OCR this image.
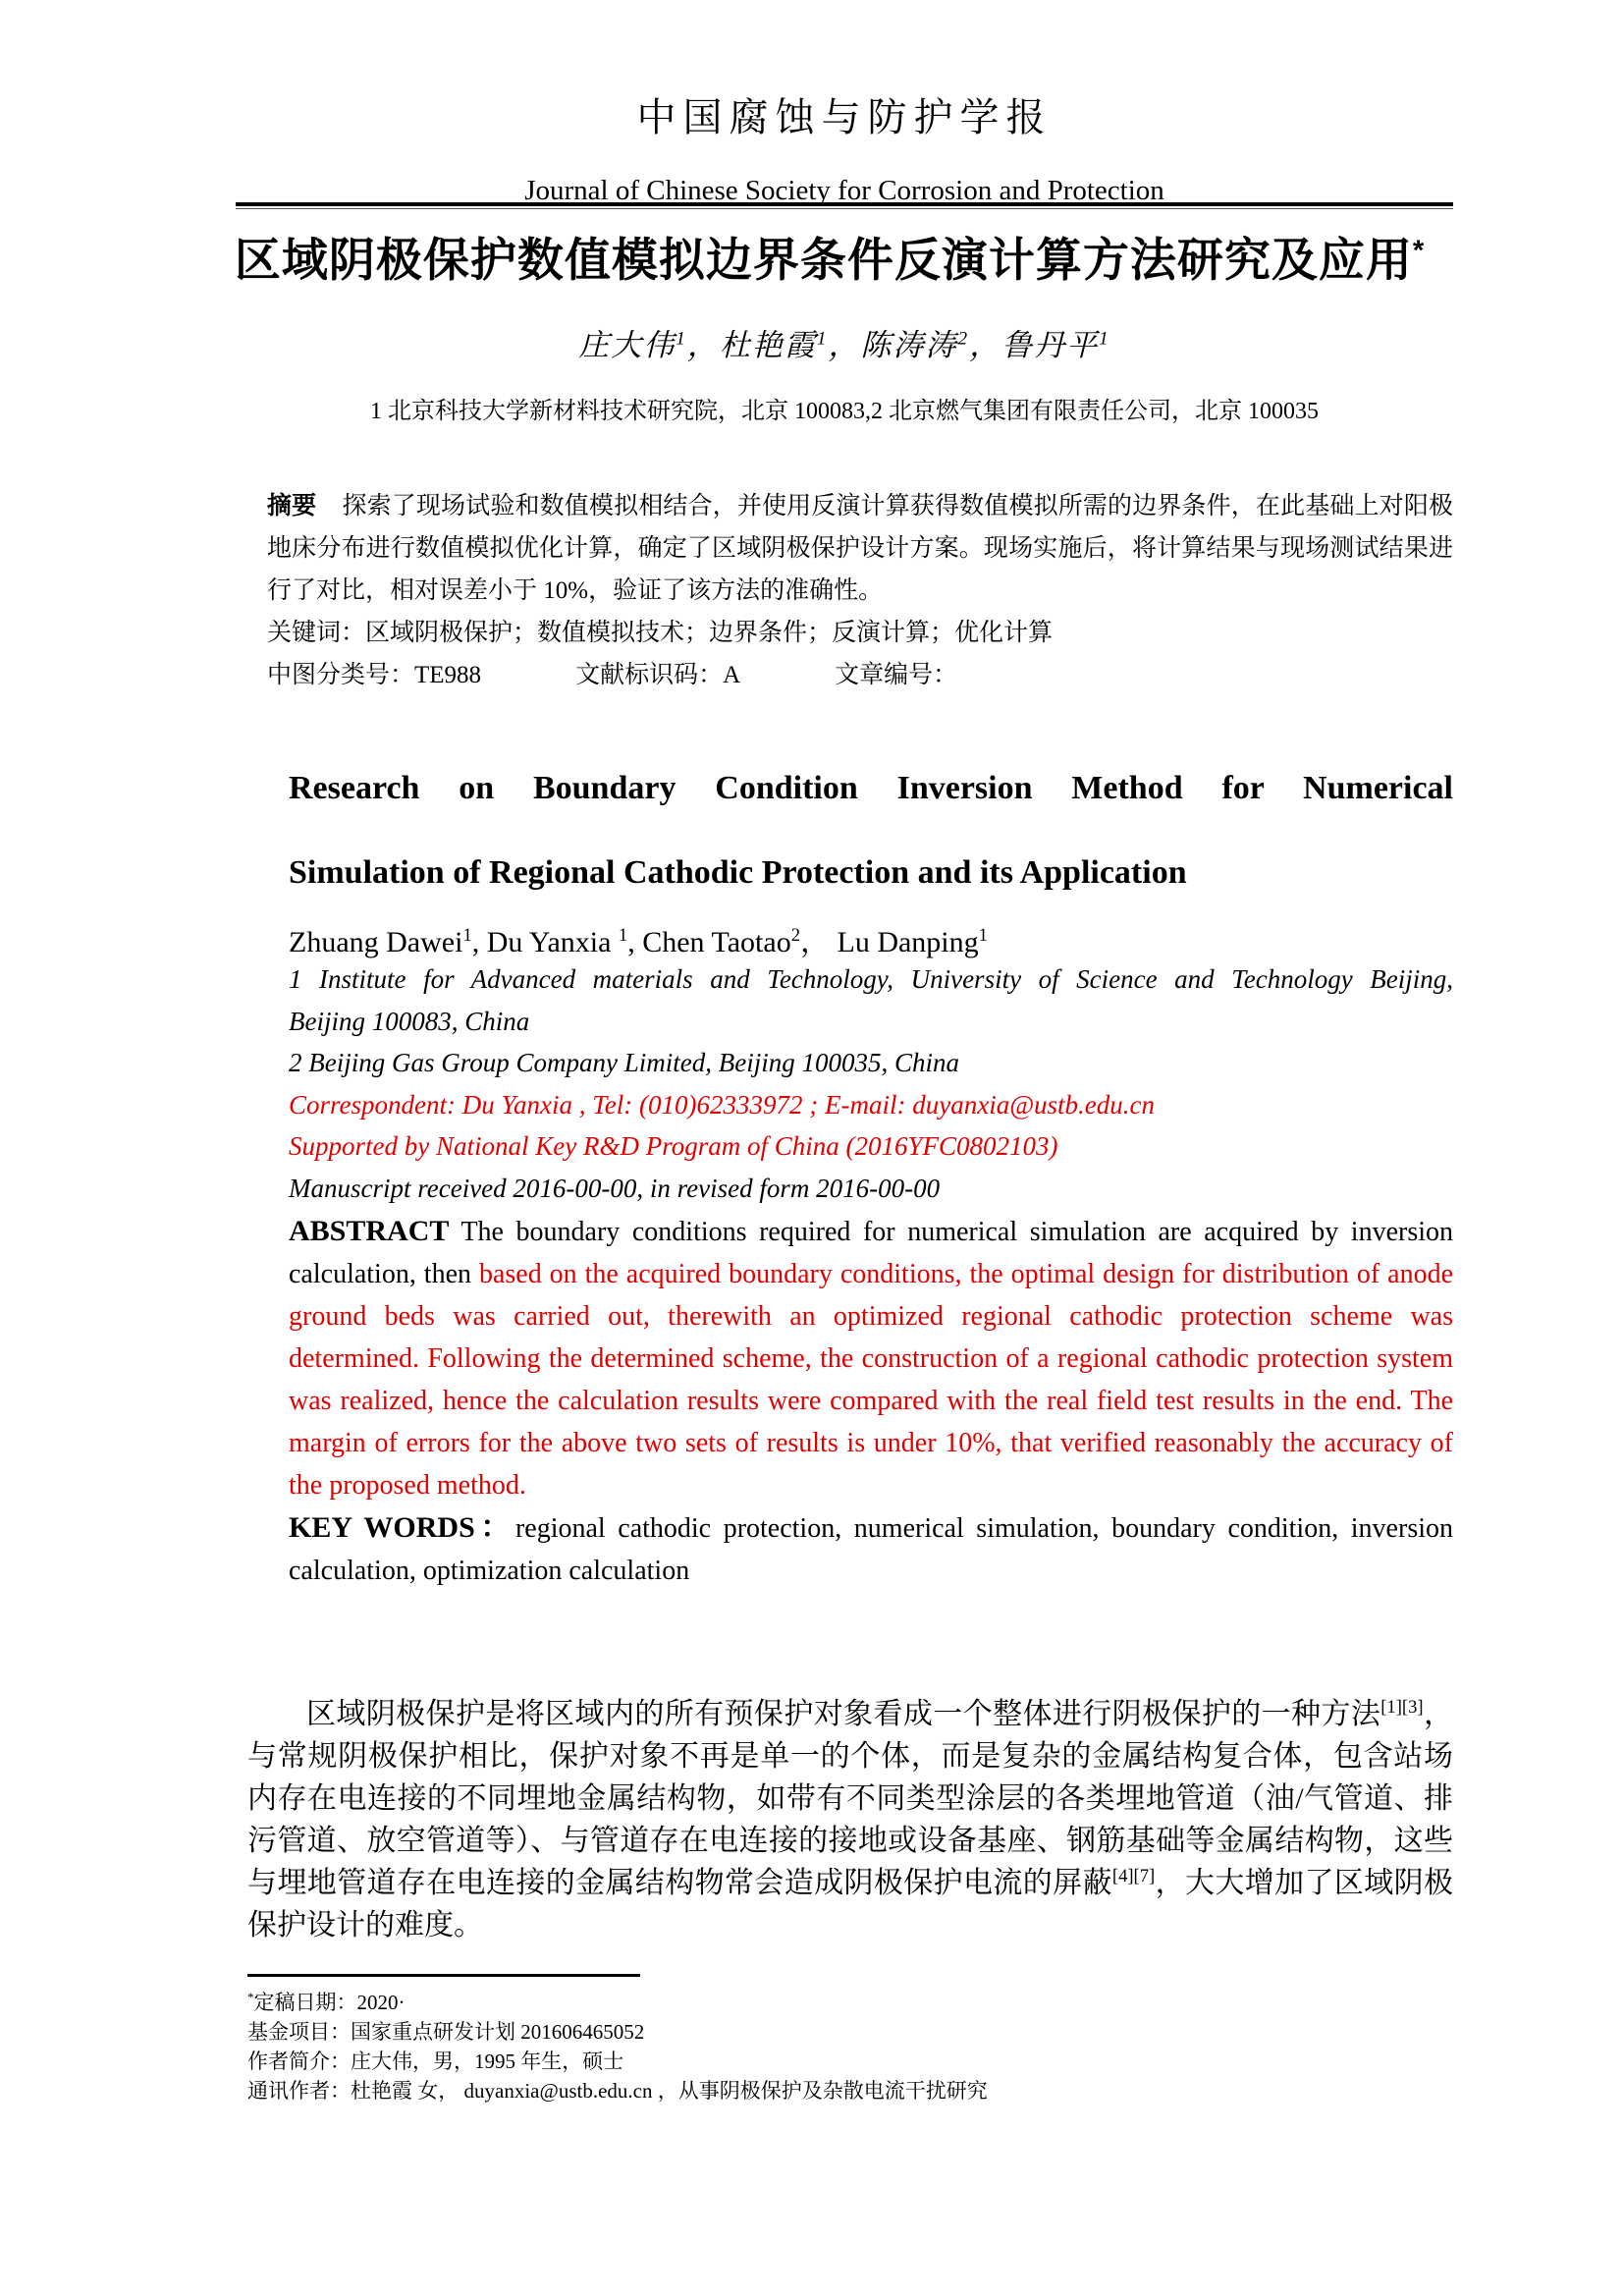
中国腐蚀与防护学报
Journal of Chinese Society for Corrosion and Protection
区域阴极保护数值模拟边界条件反演计算方法研究及应用*
庄大伟$^1$，杜艳霞$^1$，陈涛涛$^2$，鲁丹平$^1$
1 北京科技大学新材料技术研究院，北京 100083,2 北京燃气集团有限责任公司，北京 100035
摘要 探索了现场试验和数值模拟相结合，并使用反演计算获得数值模拟所需的边界条件，在此基础上对阳极地床分布进行数值模拟优化计算，确定了区域阴极保护设计方案。现场实施后，将计算结果与现场测试结果进行了对比，相对误差小于 10%，验证了该方法的准确性。
关键词：区域阴极保护；数值模拟技术；边界条件；反演计算；优化计算
中图分类号：TE988	文献标识码：A	文章编号：
Research on Boundary Condition Inversion Method for Numerical
Simulation of Regional Cathodic Protection and its Application
Zhuang Dawei$^1$, Du Yanxia $^1$, Chen Taotao$^2$， Lu Danping$^1$
1 Institute for Advanced materials and Technology, University of Science and Technology Beijing,
Beijing 100083, China
2 Beijing Gas Group Company Limited, Beijing 100035, China
Correspondent: Du Yanxia , Tel: (010)62333972 ; E-mail: duyanxia@ustb.edu.cn
Supported by National Key R&D Program of China (2016YFC0802103)
Manuscript received 2016-00-00, in revised form 2016-00-00
ABSTRACT The boundary conditions required for numerical simulation are acquired by inversion calculation, then based on the acquired boundary conditions, the optimal design for distribution of anode ground beds was carried out, therewith an optimized regional cathodic protection scheme was determined. Following the determined scheme, the construction of a regional cathodic protection system was realized, hence the calculation results were compared with the real field test results in the end. The margin of errors for the above two sets of results is under 10%, that verified reasonably the accuracy of the proposed method.
KEY WORDS：regional cathodic protection, numerical simulation, boundary condition, inversion calculation, optimization calculation
区域阴极保护是将区域内的所有预保护对象看成一个整体进行阴极保护的一种方法[1][3]，与常规阴极保护相比，保护对象不再是单一的个体，而是复杂的金属结构复合体，包含站场内存在电连接的不同埋地金属结构物，如带有不同类型涂层的各类埋地管道（油/气管道、排污管道、放空管道等）、与管道存在电连接的接地或设备基座、钢筋基础等金属结构物，这些与埋地管道存在电连接的金属结构物常会造成阴极保护电流的屏蔽[4][7]，大大增加了区域阴极保护设计的难度。
*定稿日期：2020·
基金项目：国家重点研发计划 201606465052
作者简介：庄大伟，男，1995 年生，硕士
通讯作者：杜艳霞 女， duyanxia@ustb.edu.cn ，从事阴极保护及杂散电流干扰研究
